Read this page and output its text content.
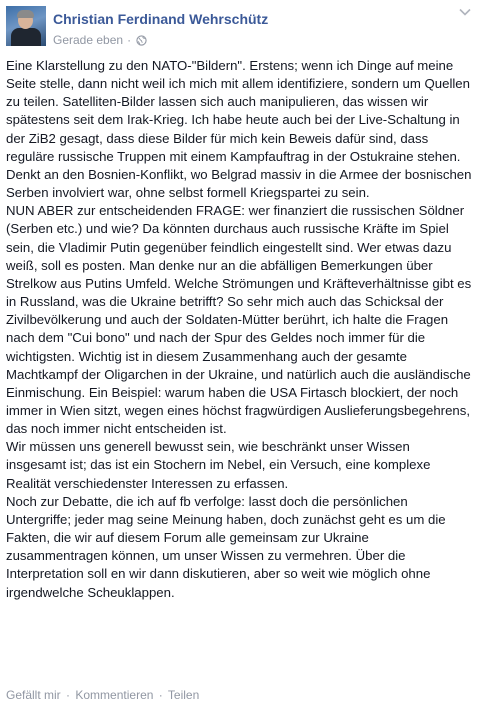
Christian Ferdinand Wehrschütz
Gerade eben ·
Eine Klarstellung zu den NATO-"Bildern". Erstens; wenn ich Dinge auf meine Seite stelle, dann nicht weil ich mich mit allem identifiziere, sondern um Quellen zu teilen. Satelliten-Bilder lassen sich auch manipulieren, das wissen wir spätestens seit dem Irak-Krieg. Ich habe heute auch bei der Live-Schaltung in der ZiB2 gesagt, dass diese Bilder für mich kein Beweis dafür sind, dass reguläre russische Truppen mit einem Kampfauftrag in der Ostukraine stehen. Denkt an den Bosnien-Konflikt, wo Belgrad massiv in die Armee der bosnischen Serben involviert war, ohne selbst formell Kriegspartei zu sein.
NUN ABER zur entscheidenden FRAGE: wer finanziert die russischen Söldner (Serben etc.) und wie? Da könnten durchaus auch russische Kräfte im Spiel sein, die Vladimir Putin gegenüber feindlich eingestellt sind. Wer etwas dazu weiß, soll es posten. Man denke nur an die abfälligen Bemerkungen über Strelkow aus Putins Umfeld. Welche Strömungen und Kräfteverhältnisse gibt es in Russland, was die Ukraine betrifft? So sehr mich auch das Schicksal der Zivilbevölkerung und auch der Soldaten-Mütter berührt, ich halte die Fragen nach dem "Cui bono" und nach der Spur des Geldes noch immer für die wichtigsten. Wichtig ist in diesem Zusammenhang auch der gesamte Machtkampf der Oligarchen in der Ukraine, und natürlich auch die ausländische Einmischung. Ein Beispiel: warum haben die USA Firtasch blockiert, der noch immer in Wien sitzt, wegen eines höchst fragwürdigen Auslieferungsbegehrens, das noch immer nicht entscheiden ist.
Wir müssen uns generell bewusst sein, wie beschränkt unser Wissen insgesamt ist; das ist ein Stochern im Nebel, ein Versuch, eine komplexe Realität verschiedenster Interessen zu erfassen.
Noch zur Debatte, die ich auf fb verfolge: lasst doch die persönlichen Untergriffe; jeder mag seine Meinung haben, doch zunächst geht es um die Fakten, die wir auf diesem Forum alle gemeinsam zur Ukraine zusammentragen können, um unser Wissen zu vermehren. Über die Interpretation soll en wir dann diskutieren, aber so weit wie möglich ohne irgendwelche Scheuklappen.
Gefällt mir · Kommentieren · Teilen
